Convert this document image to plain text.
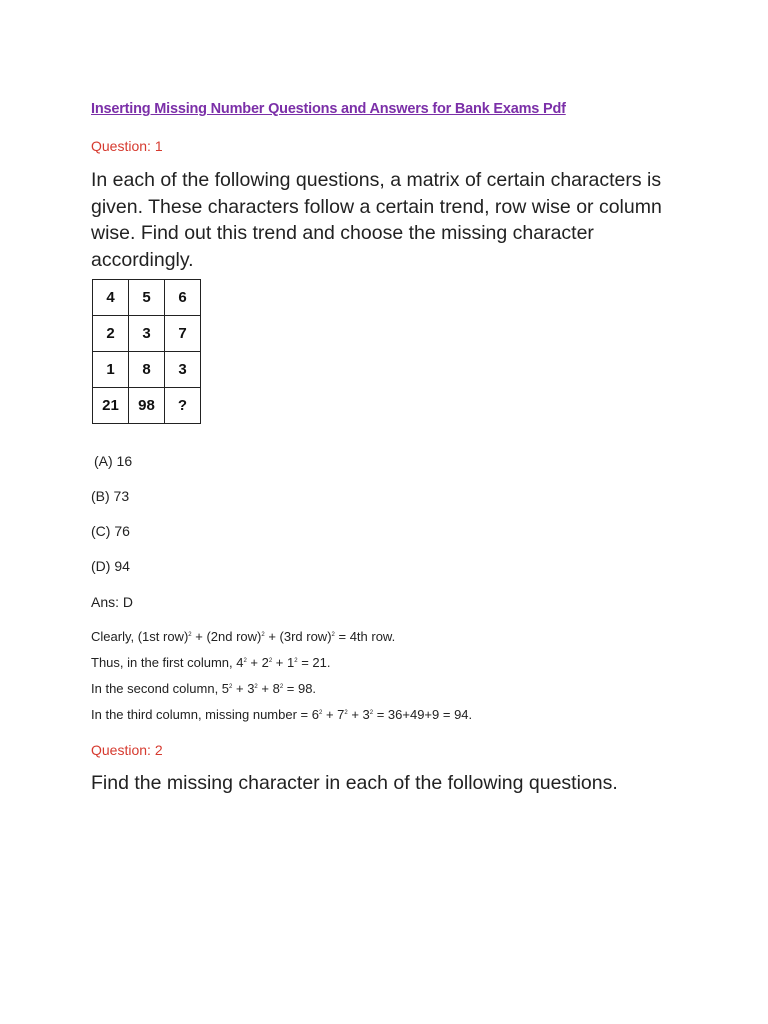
Inserting Missing Number Questions and Answers for Bank Exams Pdf
Question: 1
In each of the following questions, a matrix of certain characters is given. These characters follow a certain trend, row wise or column wise. Find out this trend and choose the missing character accordingly.
4	5	6
2	3	7
1	8	3
21	98	?
(A) 16
(B) 73
(C) 76
(D) 94
Ans: D
Clearly, (1st row)$^2$ + (2nd row)$^2$ + (3rd row)$^2$ = 4th row.
Thus, in the first column, $4^2 + 2^2 + 1^2 = 21$.
In the second column, $5^2 + 3^2 + 8^2 = 98$.
In the third column, missing number = $6^2 + 7^2 + 3^2 = 36+49+9 = 94$.
Question: 2
Find the missing character in each of the following questions.
